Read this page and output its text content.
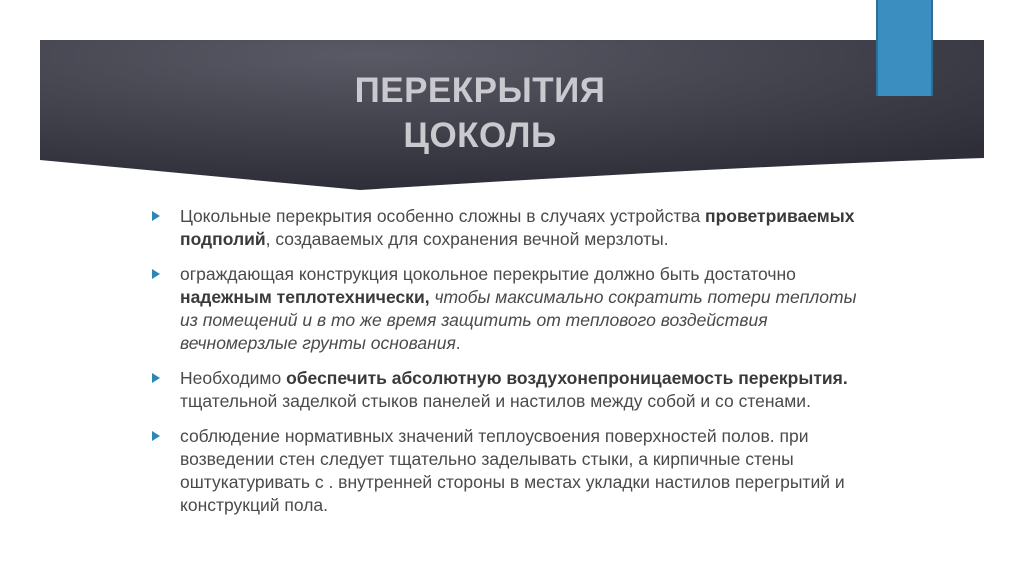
ПЕРЕКРЫТИЯ
ЦОКОЛЬ
Цокольные перекрытия особенно сложны в случаях устройства проветриваемых подполий, создаваемых для сохранения вечной мерзлоты.
ограждающая конструкция цокольное перекрытие должно быть достаточно надежным теплотехнически, чтобы максимально сократить потери теплоты из помещений и в то же время защитить от теплового воздействия вечномерзлые грунты основания.
Необходимо обеспечить абсолютную воздухонепроницаемость перекрытия. тщательной заделкой стыков панелей и настилов между собой и со стенами.
соблюдение нормативных значений теплоусвоения поверхностей полов. при возведении стен следует тщательно заделывать стыки, а кирпичные стены оштукатуривать с . внутренней стороны в местах укладки настилов перегрытий и конструкций пола.
